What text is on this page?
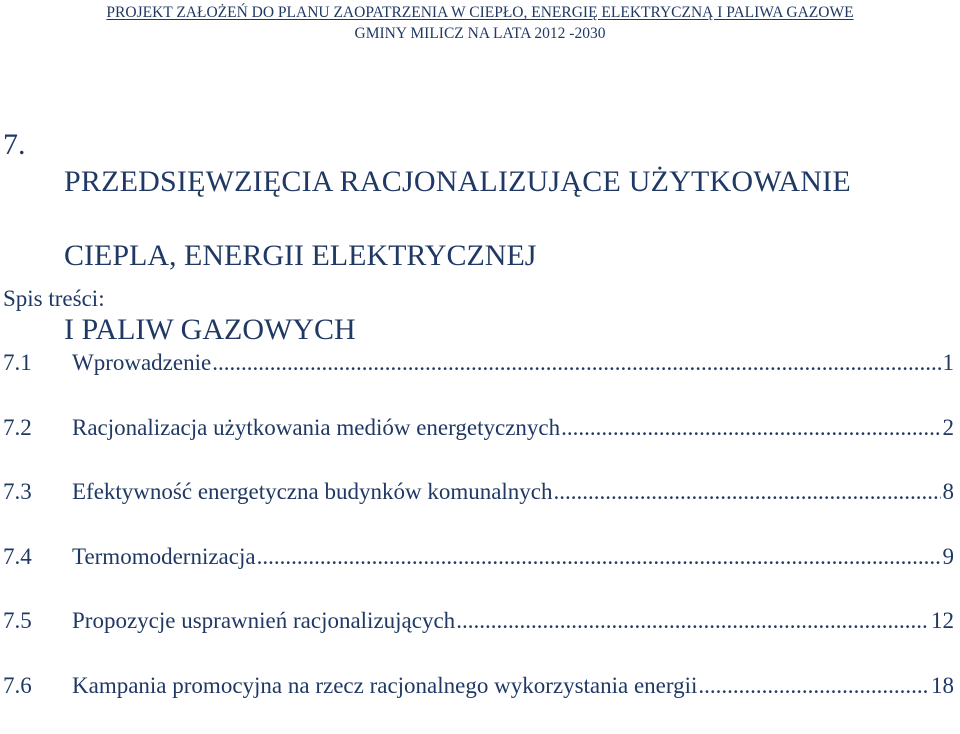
PROJEKT ZAŁOŻEŃ DO PLANU ZAOPATRZENIA W CIEPŁO, ENERGIĘ ELEKTRYCZNĄ I PALIWA GAZOWE
GMINY MILICZ NA LATA 2012 -2030
7.

PRZEDSIĘWZIĘCIA RACJONALIZUJĄCE UŻYTKOWANIE

CIEPLA, ENERGII ELEKTRYCZNEJ

I PALIW GAZOWYCH

Spis treści:
7.1	Wprowadzenie .....	1
7.2	Racjonalizacja użytkowania mediów energetycznych .....	2
7.3	Efektywność energetyczna budynków komunalnych .....	8
7.4	Termomodernizacja .....	9
7.5	Propozycje usprawnień racjonalizujących .....	12
7.6	Kampania promocyjna na rzecz racjonalnego wykorzystania energii .....	18
